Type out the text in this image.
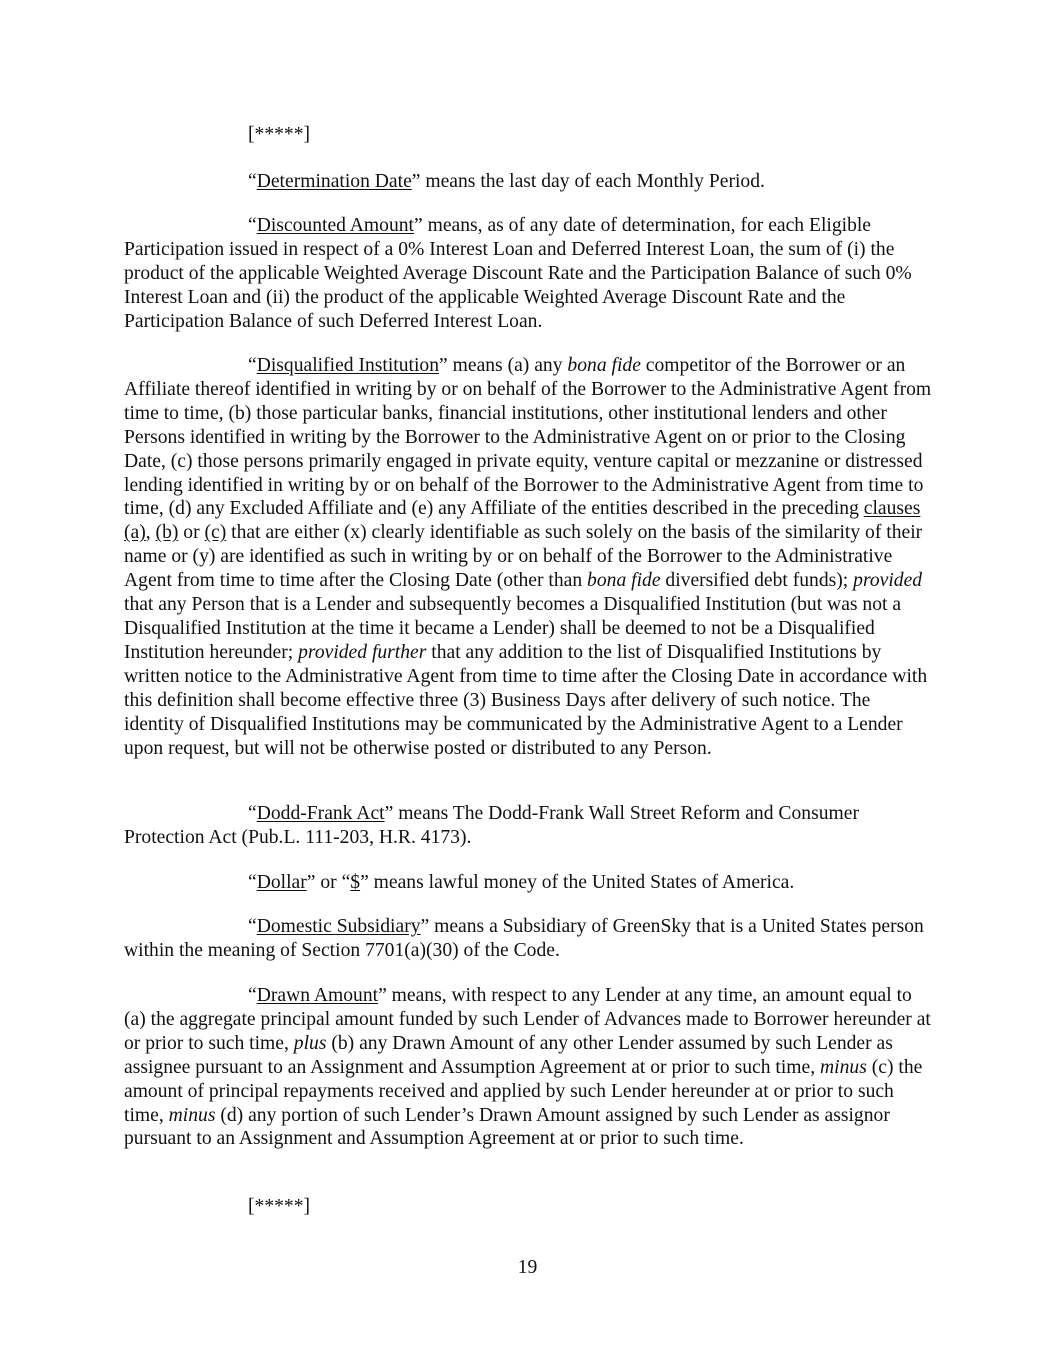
[*****]

“Determination Date” means the last day of each Monthly Period.

“Discounted Amount” means, as of any date of determination, for each Eligible Participation issued in respect of a 0% Interest Loan and Deferred Interest Loan, the sum of (i) the product of the applicable Weighted Average Discount Rate and the Participation Balance of such 0% Interest Loan and (ii) the product of the applicable Weighted Average Discount Rate and the Participation Balance of such Deferred Interest Loan.

“Disqualified Institution” means (a) any bona fide competitor of the Borrower or an Affiliate thereof identified in writing by or on behalf of the Borrower to the Administrative Agent from time to time, (b) those particular banks, financial institutions, other institutional lenders and other Persons identified in writing by the Borrower to the Administrative Agent on or prior to the Closing Date, (c) those persons primarily engaged in private equity, venture capital or mezzanine or distressed lending identified in writing by or on behalf of the Borrower to the Administrative Agent from time to time, (d) any Excluded Affiliate and (e) any Affiliate of the entities described in the preceding clauses (a), (b) or (c) that are either (x) clearly identifiable as such solely on the basis of the similarity of their name or (y) are identified as such in writing by or on behalf of the Borrower to the Administrative Agent from time to time after the Closing Date (other than bona fide diversified debt funds); provided that any Person that is a Lender and subsequently becomes a Disqualified Institution (but was not a Disqualified Institution at the time it became a Lender) shall be deemed to not be a Disqualified Institution hereunder; provided further that any addition to the list of Disqualified Institutions by written notice to the Administrative Agent from time to time after the Closing Date in accordance with this definition shall become effective three (3) Business Days after delivery of such notice. The identity of Disqualified Institutions may be communicated by the Administrative Agent to a Lender upon request, but will not be otherwise posted or distributed to any Person.

“Dodd-Frank Act” means The Dodd-Frank Wall Street Reform and Consumer Protection Act (Pub.L. 111-203, H.R. 4173).

“Dollar” or “$” means lawful money of the United States of America.

“Domestic Subsidiary” means a Subsidiary of GreenSky that is a United States person within the meaning of Section 7701(a)(30) of the Code.

“Drawn Amount” means, with respect to any Lender at any time, an amount equal to (a) the aggregate principal amount funded by such Lender of Advances made to Borrower hereunder at or prior to such time, plus (b) any Drawn Amount of any other Lender assumed by such Lender as assignee pursuant to an Assignment and Assumption Agreement at or prior to such time, minus (c) the amount of principal repayments received and applied by such Lender hereunder at or prior to such time, minus (d) any portion of such Lender’s Drawn Amount assigned by such Lender as assignor pursuant to an Assignment and Assumption Agreement at or prior to such time.

[*****]

19
